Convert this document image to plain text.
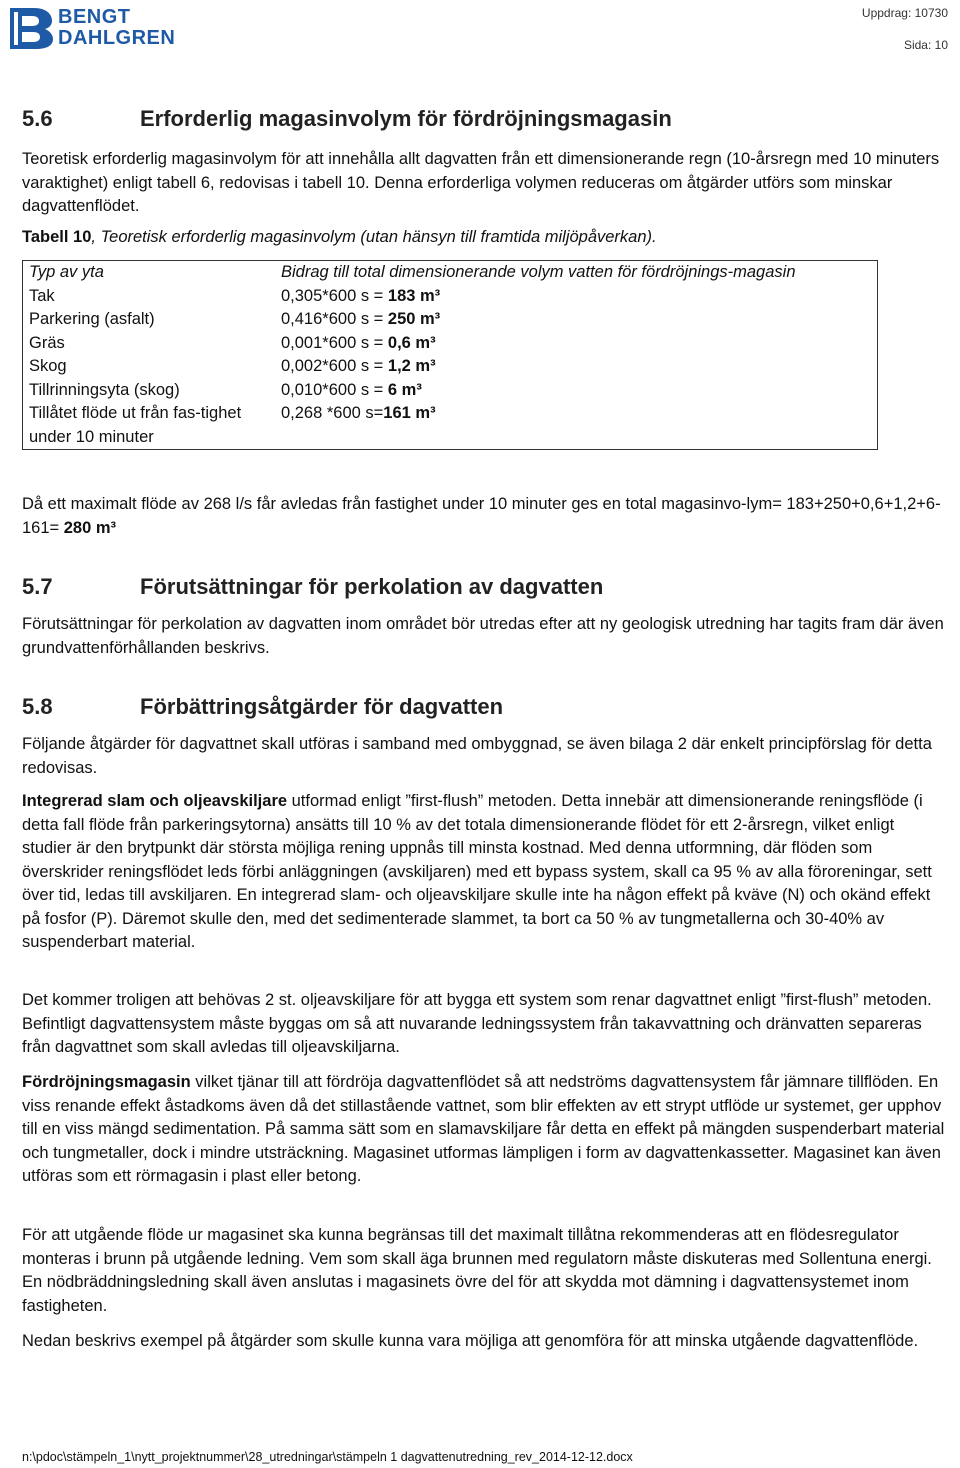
BENGT
DAHLGREN
Uppdrag: 10730
Sida: 10
5.6	Erforderlig magasinvolym för fördröjningsmagasin
Teoretisk erforderlig magasinvolym för att innehålla allt dagvatten från ett dimensionerande regn (10-årsregn med 10 minuters varaktighet) enligt tabell 6, redovisas i tabell 10. Denna erforderliga volymen reduceras om åtgärder utförs som minskar dagvattenflödet.
Tabell 10, Teoretisk erforderlig magasinvolym (utan hänsyn till framtida miljöpåverkan).
Typ av yta	Bidrag till total dimensionerande volym vatten för fördröjnings-magasin
Tak	0,305*600 s = 183 m³
Parkering (asfalt)	0,416*600 s = 250 m³
Gräs	0,001*600 s = 0,6 m³
Skog	0,002*600 s = 1,2 m³
Tillrinningsyta (skog)	0,010*600 s = 6 m³
Tillåtet flöde ut från fas-tighet under 10 minuter	0,268 *600 s=161 m³
Då ett maximalt flöde av 268 l/s får avledas från fastighet under 10 minuter ges en total magasinvo-lym= 183+250+0,6+1,2+6-161= 280 m³
5.7	Förutsättningar för perkolation av dagvatten
Förutsättningar för perkolation av dagvatten inom området bör utredas efter att ny geologisk utredning har tagits fram där även grundvattenförhållanden beskrivs.
5.8	Förbättringsåtgärder för dagvatten
Följande åtgärder för dagvattnet skall utföras i samband med ombyggnad, se även bilaga 2 där enkelt principförslag för detta redovisas.
Integrerad slam och oljeavskiljare utformad enligt ”first-flush” metoden. Detta innebär att dimensionerande reningsflöde (i detta fall flöde från parkeringsytorna) ansätts till 10 % av det totala dimensionerande flödet för ett 2-årsregn, vilket enligt studier är den brytpunkt där största möjliga rening uppnås till minsta kostnad. Med denna utformning, där flöden som överskrider reningsflödet leds förbi anläggningen (avskiljaren) med ett bypass system, skall ca 95 % av alla föroreningar, sett över tid, ledas till avskiljaren. En integrerad slam- och oljeavskiljare skulle inte ha någon effekt på kväve (N) och okänd effekt på fosfor (P). Däremot skulle den, med det sedimenterade slammet, ta bort ca 50 % av tungmetallerna och 30-40% av suspenderbart material.
Det kommer troligen att behövas 2 st. oljeavskiljare för att bygga ett system som renar dagvattnet enligt ”first-flush” metoden. Befintligt dagvattensystem måste byggas om så att nuvarande ledningssystem från takavvattning och dränvatten separeras från dagvattnet som skall avledas till oljeavskiljarna.
Fördröjningsmagasin vilket tjänar till att fördröja dagvattenflödet så att nedströms dagvattensystem får jämnare tillflöden. En viss renande effekt åstadkoms även då det stillastående vattnet, som blir effekten av ett strypt utflöde ur systemet, ger upphov till en viss mängd sedimentation. På samma sätt som en slamavskiljare får detta en effekt på mängden suspenderbart material och tungmetaller, dock i mindre utsträckning. Magasinet utformas lämpligen i form av dagvattenkassetter. Magasinet kan även utföras som ett rörmagasin i plast eller betong.
För att utgående flöde ur magasinet ska kunna begränsas till det maximalt tillåtna rekommenderas att en flödesregulator monteras i brunn på utgående ledning. Vem som skall äga brunnen med regulatorn måste diskuteras med Sollentuna energi. En nödbräddningsledning skall även anslutas i magasinets övre del för att skydda mot dämning i dagvattensystemet inom fastigheten.
Nedan beskrivs exempel på åtgärder som skulle kunna vara möjliga att genomföra för att minska utgående dagvattenflöde.
n:\pdoc\stämpeln_1\nytt_projektnummer\28_utredningar\stämpeln 1 dagvattenutredning_rev_2014-12-12.docx
